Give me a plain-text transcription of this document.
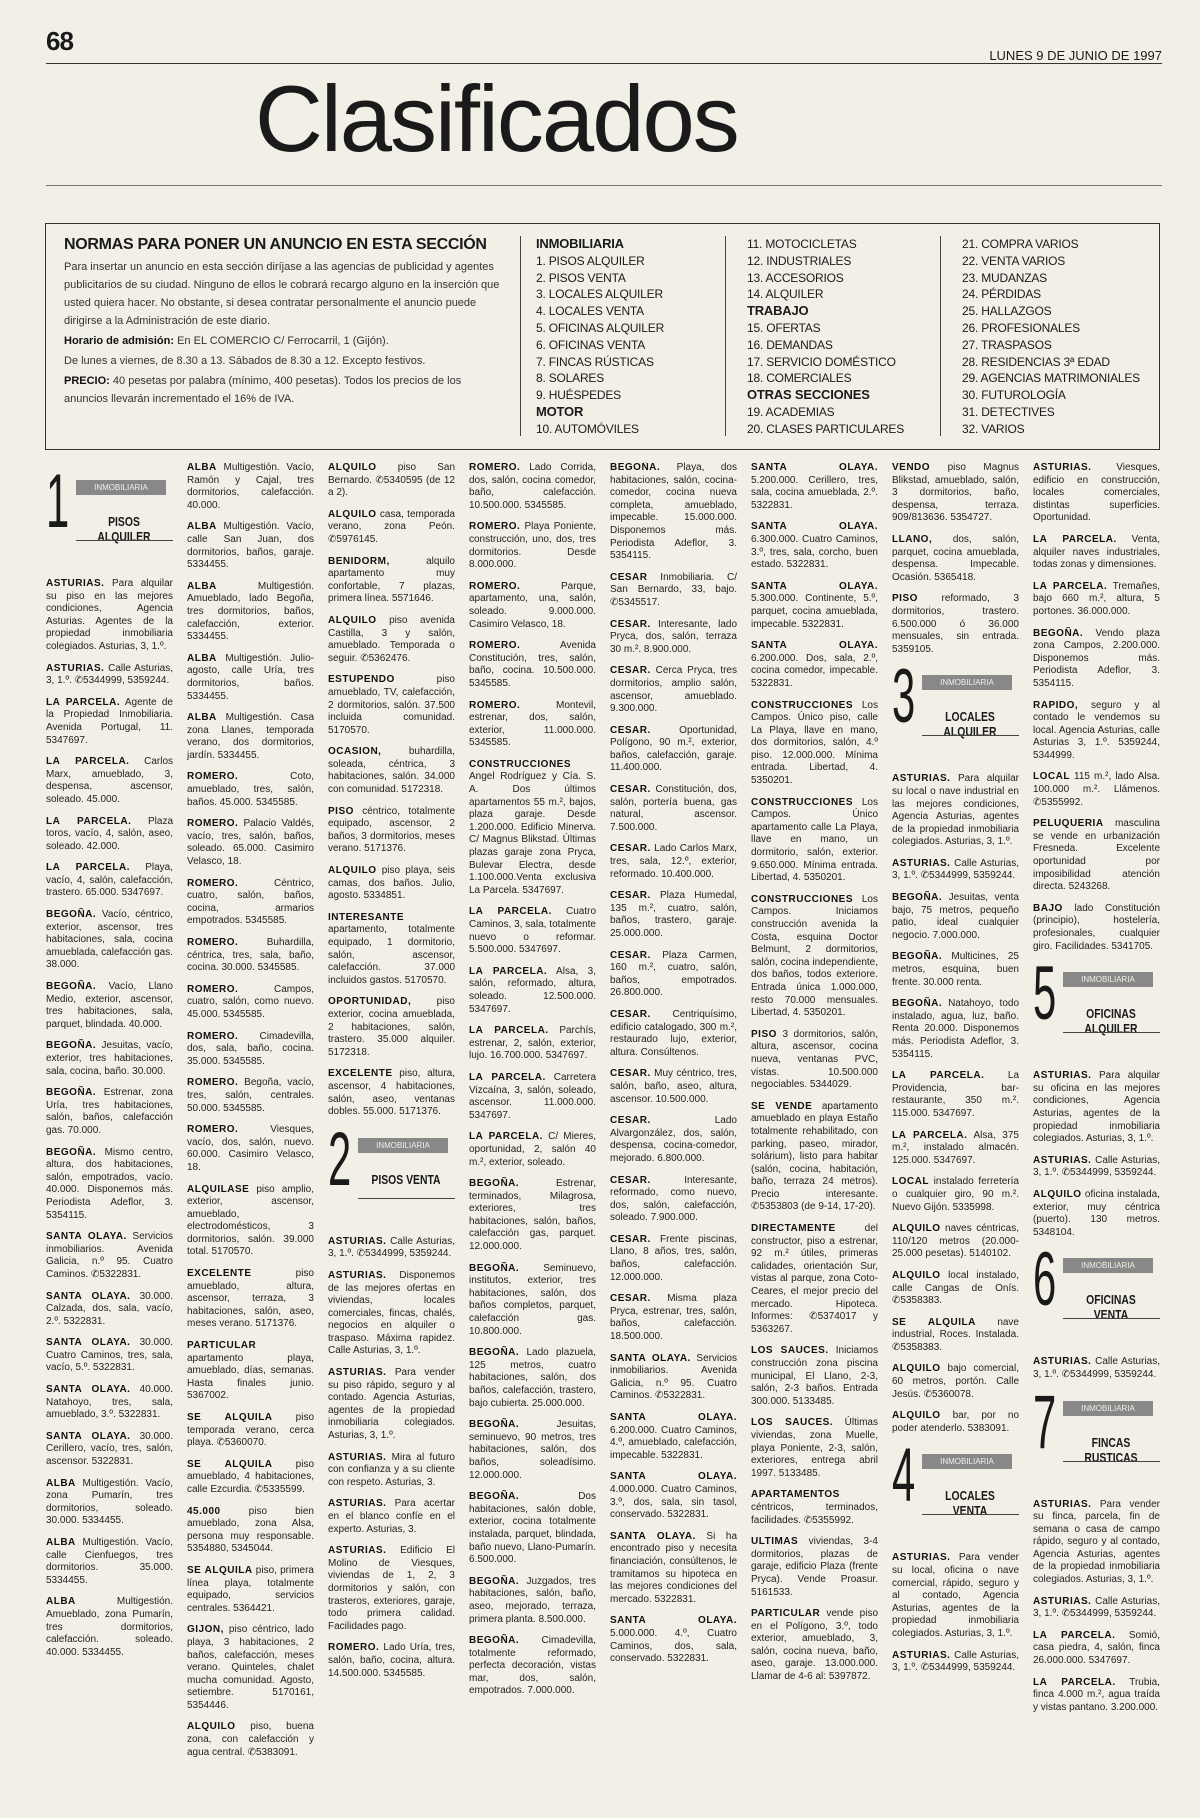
68	LUNES 9 DE JUNIO DE 1997
Clasificados

NORMAS PARA PONER UN ANUNCIO EN ESTA SECCIÓN

Para insertar un anuncio en esta sección diríjase a las agencias de publicidad y agentes publicitarios de su ciudad. Ninguno de ellos le cobrará recargo alguno en la inserción que usted quiera hacer. No obstante, si desea contratar personalmente el anuncio puede dirigirse a la Administración de este diario.

Horario de admisión: En EL COMERCIO C/ Ferrocarril, 1 (Gijón).

De lunes a viernes, de 8.30 a 13. Sábados de 8.30 a 12. Excepto festivos.

PRECIO: 40 pesetas por palabra (mínimo, 400 pesetas). Todos los precios de los anuncios llevarán incrementado el 16% de IVA.

INMOBILIARIA
1. PISOS ALQUILER
2. PISOS VENTA
3. LOCALES ALQUILER
4. LOCALES VENTA
5. OFICINAS ALQUILER
6. OFICINAS VENTA
7. FINCAS RÚSTICAS
8. SOLARES
9. HUÉSPEDES
MOTOR
10. AUTOMÓVILES
11. MOTOCICLETAS
12. INDUSTRIALES
13. ACCESORIOS
14. ALQUILER
TRABAJO
15. OFERTAS
16. DEMANDAS
17. SERVICIO DOMÉSTICO
18. COMERCIALES
OTRAS SECCIONES
19. ACADEMIAS
20. CLASES PARTICULARES
21. COMPRA VARIOS
22. VENTA VARIOS
23. MUDANZAS
24. PÉRDIDAS
25. HALLAZGOS
26. PROFESIONALES
27. TRASPASOS
28. RESIDENCIAS 3ª EDAD
29. AGENCIAS MATRIMONIALES
30. FUTUROLOGÍA
31. DETECTIVES
32. VARIOS
1	INMOBILIARIA
PISOS ALQUILER

ASTURIAS. Para alquilar su piso en las mejores condiciones, Agencia Asturias. Agentes de la propiedad inmobiliaria colegiados. Asturias, 3, 1.º.

ASTURIAS. Calle Asturias, 3, 1.º. ✆5344999, 5359244.

LA PARCELA. Agente de la Propiedad Inmobiliaria. Avenida Portugal, 11. 5347697.

LA PARCELA. Carlos Marx, amueblado, 3, despensa, ascensor, soleado. 45.000.

LA PARCELA. Plaza toros, vacío, 4, salón, aseo, soleado. 42.000.

LA PARCELA. Playa, vacío, 4, salón, calefacción, trastero. 65.000. 5347697.

BEGOÑA. Vacío, céntrico, exterior, ascensor, tres habitaciones, sala, cocina amueblada, calefacción gas. 38.000.

BEGOÑA. Vacío, Llano Medio, exterior, ascensor, tres habitaciones, sala, parquet, blindada. 40.000.

BEGOÑA. Jesuitas, vacío, exterior, tres habitaciones, sala, cocina, baño. 30.000.

BEGOÑA. Estrenar, zona Uría, tres habitaciones, salón, baños, calefacción gas. 70.000.

BEGOÑA. Mismo centro, altura, dos habitaciones, salón, empotrados, vacío. 40.000. Disponemos más. Periodista Adeflor, 3. 5354115.

SANTA OLAYA. Servicios inmobiliarios. Avenida Galicia, n.º 95. Cuatro Caminos. ✆5322831.

SANTA OLAYA. 30.000. Calzada, dos, sala, vacío, 2.º. 5322831.

SANTA OLAYA. 30.000. Cuatro Caminos, tres, sala, vacío, 5.º. 5322831.

SANTA OLAYA. 40.000. Natahoyo, tres, sala, amueblado, 3.º. 5322831.

SANTA OLAYA. 30.000. Cerillero, vacío, tres, salón, ascensor. 5322831.

ALBA Multigestión. Vacío, zona Pumarín, tres dormitorios, soleado. 30.000. 5334455.

ALBA Multigestión. Vacío, calle Cienfuegos, tres dormitorios. 35.000. 5334455.

ALBA	Multigestión. Amueblado, zona Pumarín, tres dormitorios, calefacción. soleado. 40.000. 5334455.

ALBA Multigestión. Vacío, Ramón y Cajal, tres dormitorios, calefacción. 40.000.

ALBA Multigestión. Vacío, calle San Juan, dos dormitorios, baños, garaje. 5334455.

ALBA	Multigestión. Amueblado, lado Begoña, tres dormitorios, baños, calefacción, exterior. 5334455.

ALBA Multigestión. Julio-agosto, calle Uría, tres dormitorios, baños. 5334455.

ALBA Multigestión. Casa zona Llanes, temporada verano, dos dormitorios, jardín. 5334455.

ROMERO.	Coto, amueblado, tres, salón, baños. 45.000. 5345585.

ROMERO. Palacio Valdés, vacío, tres, salón, baños, soleado. 65.000. Casimiro Velasco, 18.

ROMERO.	Céntrico, cuatro, salón, baños, cocina, armarios empotrados. 5345585.

ROMERO.	Buhardilla, céntrica, tres, sala, baño, cocina. 30.000. 5345585.

ROMERO.	Campos, cuatro, salón, como nuevo. 45.000. 5345585.

ROMERO. Cimadevilla, dos, sala, baño, cocina. 35.000. 5345585.

ROMERO. Begoña, vacío, tres, salón, centrales. 50.000. 5345585.

ROMERO.	Viesques, vacío, dos, salón, nuevo. 60.000. Casimiro Velasco, 18.

ALQUILASE piso amplio, exterior, ascensor, amueblado, electrodomésticos, 3 dormitorios, salón. 39.000 total. 5170570.

EXCELENTE	piso amueblado, altura, ascensor, terraza, 3 habitaciones, salón, aseo, meses verano. 5171376.

PARTICULAR apartamento playa, amueblado, días, semanas. Hasta finales junio. 5367002.

SE ALQUILA piso temporada verano, cerca playa. ✆5360070.

SE ALQUILA piso amueblado, 4 habitaciones, calle Ezcurdia. ✆5335599.

45.000	piso bien amueblado, zona Alsa, persona muy responsable. 5354880, 5345044.

SE ALQUILA piso, primera línea playa, totalmente equipado, servicios centrales. 5364421.

GIJON, piso céntrico, lado playa, 3 habitaciones, 2 baños, calefacción, meses verano. Quinteles, chalet mucha comunidad. Agosto, setiembre. 5170161, 5354446.

ALQUILO piso, buena zona, con calefacción y agua central. ✆5383091.

ALQUILO piso San Bernardo. ✆5340595 (de 12 a 2).

ALQUILO casa, temporada verano, zona Peón. ✆5976145.

BENIDORM,	alquilo apartamento muy confortable, 7 plazas, primera línea. 5571646.

ALQUILO piso avenida Castilla, 3 y salón, amueblado. Temporada o seguir. ✆5362476.

ESTUPENDO	piso amueblado, TV, calefacción, 2 dormitorios, salón. 37.500 incluida comunidad. 5170570.

OCASION,	buhardilla, soleada, céntrica, 3 habitaciones, salón. 34.000 con comunidad. 5172318.

PISO céntrico, totalmente equipado, ascensor, 2 baños, 3 dormitorios, meses verano. 5171376.

ALQUILO piso playa, seis camas, dos baños. Julio, agosto. 5334851.

INTERESANTE apartamento, totalmente equipado, 1 dormitorio, salón, ascensor, calefacción. 37.000 incluidos gastos. 5170570.

OPORTUNIDAD,	piso exterior, cocina amueblada, 2 habitaciones, salón, trastero. 35.000 alquiler. 5172318.

EXCELENTE piso, altura, ascensor, 4 habitaciones, salón, aseo, ventanas dobles. 55.000. 5171376.

2	INMOBILIARIA
PISOS VENTA

ASTURIAS. Calle Asturias, 3, 1.º. ✆5344999, 5359244.

ASTURIAS. Disponemos de las mejores ofertas en viviendas, locales comerciales, fincas, chalés, negocios en alquiler o traspaso. Máxima rapidez. Calle Asturias, 3, 1.º.

ASTURIAS. Para vender su piso rápido, seguro y al contado. Agencia Asturias, agentes de la propiedad inmobiliaria colegiados. Asturias, 3, 1.º.

ASTURIAS. Mira al futuro con confianza y a su cliente con respeto. Asturias, 3.

ASTURIAS. Para acertar en el blanco confíe en el experto. Asturias, 3.

ASTURIAS. Edificio El Molino de Viesques, viviendas de 1, 2, 3 dormitorios y salón, con trasteros, exteriores, garaje, todo primera calidad. Facilidades pago.

ROMERO. Lado Uría, tres, salón, baño, cocina, altura. 14.500.000. 5345585.

ROMERO. Lado Corrida, dos, salón, cocina comedor, baño, calefacción. 10.500.000. 5345585.

ROMERO. Playa Poniente, construcción, uno, dos, tres dormitorios. Desde 8.000.000.

ROMERO.	Parque, apartamento, una, salón, soleado. 9.000.000. Casimiro Velasco, 18.

ROMERO.	Avenida Constitución, tres, salón, baño, cocina. 10.500.000. 5345585.

ROMERO.	Montevil, estrenar, dos, salón, exterior, 11.000.000. 5345585.

CONSTRUCCIONES Angel Rodríguez y Cía. S. A. Dos últimos apartamentos 55 m.², bajos, plaza garaje. Desde 1.200.000. Edificio Minerva. C/ Magnus Blikstad. Últimas plazas garaje zona Pryca, Bulevar Electra, desde 1.100.000.Venta exclusiva La Parcela. 5347697.

LA PARCELA. Cuatro Caminos, 3, sala, totalmente nuevo o reformar. 5.500.000. 5347697.

LA PARCELA. Alsa, 3, salón, reformado, altura, soleado. 12.500.000. 5347697.

LA PARCELA. Parchís, estrenar, 2, salón, exterior, lujo. 16.700.000. 5347697.

LA PARCELA. Carretera Vizcaína, 3, salón, soleado, ascensor. 11.000.000. 5347697.

LA PARCELA. C/ Mieres, oportunidad, 2, salón 40 m.², exterior, soleado.

BEGOÑA.	Estrenar, terminados, Milagrosa, exteriores, tres habitaciones, salón, baños, calefacción gas, parquet. 12.000.000.

BEGOÑA. Seminuevo, institutos, exterior, tres habitaciones, salón, dos baños completos, parquet, calefacción gas. 10.800.000.

BEGOÑA. Lado plazuela, 125 metros, cuatro habitaciones, salón, dos baños, calefacción, trastero, bajo cubierta. 25.000.000.

BEGOÑA.	Jesuitas, seminuevo, 90 metros, tres habitaciones, salón, dos baños, soleadísimo. 12.000.000.

BEGOÑA.	Dos habitaciones, salón doble, exterior, cocina totalmente instalada, parquet, blindada, baño nuevo, Llano-Pumarín. 6.500.000.

BEGOÑA. Juzgados, tres habitaciones, salón, baño, aseo, mejorado, terraza, primera planta. 8.500.000.

BEGOÑA. Cimadevilla, totalmente reformado, perfecta decoración, vistas mar, dos, salón, empotrados. 7.000.000.

BEGOÑA. Playa, dos habitaciones, salón, cocina-comedor, cocina nueva completa, amueblado, impecable. 15.000.000. Disponemos más. Periodista Adeflor, 3. 5354115.

CESAR Inmobiliaria. C/ San Bernardo, 33, bajo. ✆5345517.

CESAR. Interesante, lado Pryca, dos, salón, terraza 30 m.². 8.900.000.

CESAR. Cerca Pryca, tres dormitorios, amplio salón, ascensor, amueblado. 9.300.000.

CESAR.	Oportunidad, Polígono, 90 m.², exterior, baños, calefacción, garaje. 11.400.000.

CESAR. Constitución, dos, salón, portería buena, gas natural, ascensor. 7.500.000.

CESAR. Lado Carlos Marx, tres, sala, 12.º, exterior, reformado. 10.400.000.

CESAR. Plaza Humedal, 135 m.², cuatro, salón, baños, trastero, garaje. 25.000.000.

CESAR. Plaza Carmen, 160 m.², cuatro, salón, baños, empotrados. 26.800.000.

CESAR. Centriquísimo, edificio catalogado, 300 m.², restaurado lujo, exterior, altura. Consúltenos.

CESAR. Muy céntrico, tres, salón, baño, aseo, altura, ascensor. 10.500.000.

CESAR.	Lado Alvargonzález, dos, salón, despensa, cocina-comedor, mejorado. 6.800.000.

CESAR.	Interesante, reformado, como nuevo, dos, salón, calefacción, soleado. 7.900.000.

CESAR. Frente piscinas, Llano, 8 años, tres, salón, baños, calefacción. 12.000.000.

CESAR. Misma plaza Pryca, estrenar, tres, salón, baños, calefacción. 18.500.000.

SANTA OLAYA. Servicios inmobiliarios. Avenida Galicia, n.º 95. Cuatro Caminos. ✆5322831.

SANTA OLAYA. 6.200.000. Cuatro Caminos, 4.º, amueblado, calefacción, impecable. 5322831.

SANTA OLAYA. 4.000.000. Cuatro Caminos, 3.º, dos, sala, sin tasol, conservado. 5322831.

SANTA OLAYA. Si ha encontrado piso y necesita financiación, consúltenos, le tramitamos su hipoteca en las mejores condiciones del mercado. 5322831.

SANTA OLAYA. 5.000.000. 4.º, Cuatro Caminos, dos, sala, conservado. 5322831.

SANTA OLAYA. 5.200.000. Cerillero, tres, sala, cocina amueblada, 2.º. 5322831.

SANTA OLAYA. 6.300.000. Cuatro Caminos, 3.º, tres, sala, corcho, buen estado. 5322831.

SANTA OLAYA. 5.300.000. Continente, 5.º, parquet, cocina amueblada, impecable. 5322831.

SANTA OLAYA. 6.200.000. Dos, sala, 2.º, cocina comedor, impecable. 5322831.

CONSTRUCCIONES Los Campos. Único piso, calle La Playa, llave en mano, dos dormitorios, salón, 4.º piso. 12.000.000. Mínima entrada. Libertad, 4. 5350201.

CONSTRUCCIONES Los Campos. Único apartamento calle La Playa, llave en mano, un dormitorio, salón, exterior. 9.650.000. Mínima entrada. Libertad, 4. 5350201.

CONSTRUCCIONES Los Campos. Iniciamos construcción avenida la Costa, esquina Doctor Belmunt, 2 dormitorios, salón, cocina independiente, dos baños, todos exteriore. Entrada única 1.000.000, resto 70.000 mensuales. Libertad, 4. 5350201.

PISO 3 dormitorios, salón, altura, ascensor, cocina nueva, ventanas PVC, vistas. 10.500.000 negociables. 5344029.

SE VENDE apartamento amueblado en playa Estaño totalmente rehabilitado, con parking, paseo, mirador, solárium), listo para habitar (salón, cocina, habitación, baño, terraza 24 metros). Precio interesante. ✆5353803 (de 9-14, 17-20).

DIRECTAMENTE	del constructor, piso a estrenar, 92 m.² útiles, primeras calidades, orientación Sur, vistas al parque, zona Coto-Ceares, el mejor precio del mercado. Hipoteca. Informes: ✆5374017 y 5363267.

LOS SAUCES. Iniciamos construcción zona piscina municipal, El Llano, 2-3, salón, 2-3 baños. Entrada 300.000. 5133485.

LOS SAUCES. Últimas viviendas, zona Muelle, playa Poniente, 2-3, salón, exteriores, entrega abril 1997. 5133485.

APARTAMENTOS céntricos, terminados, facilidades. ✆5355992.

ULTIMAS viviendas, 3-4 dormitorios, plazas de garaje, edificio Plaza (frente Pryca). Vende Proasur. 5161533.

PARTICULAR vende piso en el Polígono, 3.º, todo exterior, amueblado, 3, salón, cocina nueva, baño, aseo, garaje. 13.000.000. Llamar de 4-6 al: 5397872.

VENDO piso Magnus Blikstad, amueblado, salón, 3 dormitorios, baño, despensa, terraza. 909/813636. 5354727.

LLANO, dos, salón, parquet, cocina amueblada, despensa. Impecable. Ocasión. 5365418.

PISO reformado, 3 dormitorios, trastero. 6.500.000 ó 36.000 mensuales, sin entrada. 5359105.

3	INMOBILIARIA
LOCALES ALQUILER

ASTURIAS. Para alquilar su local o nave industrial en las mejores condiciones, Agencia Asturias, agentes de la propiedad inmobiliaria colegiados. Asturias, 3, 1.º.

ASTURIAS. Calle Asturias, 3, 1.º. ✆5344999, 5359244.

BEGOÑA. Jesuitas, venta bajo, 75 metros, pequeño patio, ideal cualquier negocio. 7.000.000.

BEGOÑA. Multicines, 25 metros, esquina, buen frente. 30.000 renta.

BEGOÑA. Natahoyo, todo instalado, agua, luz, baño. Renta 20.000. Disponemos más. Periodista Adeflor, 3. 5354115.

LA PARCELA. La Providencia, bar-restaurante, 350 m.². 115.000. 5347697.

LA PARCELA. Alsa, 375 m.², instalado almacén. 125.000. 5347697.

LOCAL instalado ferretería o cualquier giro, 90 m.². Nuevo Gijón. 5335998.

ALQUILO naves céntricas, 110/120 metros (20.000-25.000 pesetas). 5140102.

ALQUILO local instalado, calle Cangas de Onís. ✆5358383.

SE ALQUILA nave industrial, Roces. Instalada. ✆5358383.

ALQUILO bajo comercial, 60 metros, portón. Calle Jesús. ✆5360078.

ALQUILO bar, por no poder atenderlo. 5383091.

4	INMOBILIARIA
LOCALES VENTA

ASTURIAS. Para vender su local, oficina o nave comercial, rápido, seguro y al contado, Agencia Asturias, agentes de la propiedad inmobiliaria colegiados. Asturias, 3, 1.º.

ASTURIAS. Calle Asturias, 3, 1.º. ✆5344999, 5359244.

ASTURIAS. Viesques, edificio en construcción, locales comerciales, distintas superficies. Oportunidad.

LA PARCELA. Venta, alquiler naves industriales, todas zonas y dimensiones.

LA PARCELA. Tremañes, bajo 660 m.², altura, 5 portones. 36.000.000.

BEGOÑA. Vendo plaza zona Campos, 2.200.000. Disponemos más. Periodista Adeflor, 3. 5354115.

RAPIDO, seguro y al contado le vendemos su local. Agencia Asturias, calle Asturias 3, 1.º. 5359244, 5344999.

LOCAL 115 m.², lado Alsa. 100.000 m.². Llámenos. ✆5355992.

PELUQUERIA masculina se vende en urbanización Fresneda. Excelente oportunidad por imposibilidad atención directa. 5243268.

BAJO lado Constitución (principio), hostelería, profesionales, cualquier giro. Facilidades. 5341705.

5	INMOBILIARIA
OFICINAS ALQUILER

ASTURIAS. Para alquilar su oficina en las mejores condiciones, Agencia Asturias, agentes de la propiedad inmobiliaria colegiados. Asturias, 3, 1.º.

ASTURIAS. Calle Asturias, 3, 1.º. ✆5344999, 5359244.

ALQUILO oficina instalada, exterior, muy céntrica (puerto). 130 metros. 5348104.

6	INMOBILIARIA
OFICINAS VENTA

ASTURIAS. Calle Asturias, 3, 1.º. ✆5344999, 5359244.

7	INMOBILIARIA
FINCAS RUSTICAS

ASTURIAS. Para vender su finca, parcela, fin de semana o casa de campo rápido, seguro y al contado, Agencia Asturias, agentes de la propiedad inmobiliaria colegiados. Asturias, 3, 1.º.

ASTURIAS. Calle Asturias, 3, 1.º. ✆5344999, 5359244.

LA PARCELA. Somió, casa piedra, 4, salón, finca 26.000.000. 5347697.

LA PARCELA. Trubia, finca 4.000 m.², agua traída y vistas pantano. 3.200.000.
